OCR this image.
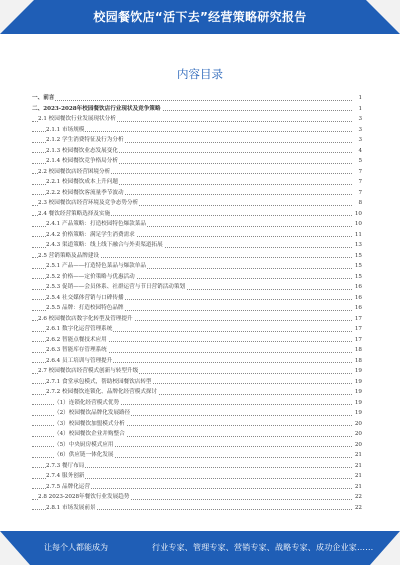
校园餐饮店“活下去”经营策略研究报告
内容目录
一、前言	1
二、2023-2028年校园餐饮店行业现状及竞争策略	1
2.1 校园餐饮行业发展现状分析	3
2.1.1 市场规模	3
2.1.2 学生消费特征及行为分析	3
2.1.3 校园餐饮业态发展变化	4
2.1.4 校园餐饮竞争格局分析	5
2.2 校园餐饮店经营困境分析	7
2.2.1 校园餐饮成本上升问题	7
2.2.2 校园餐饮客流量季节波动	7
2.3 校园餐饮店经营环境及竞争态势分析	8
2.4 餐饮经营策略选择及实施	10
2.4.1 产品策略：打造校园特色爆款菜品	10
2.4.2 价格策略：满足学生消费需求	11
2.4.3 渠道策略：线上线下融合与外卖渠道拓展	13
2.5 营销策略及品牌建设	15
2.5.1 产品——打造特色菜品与爆款单品	15
2.5.2 价格——定价策略与优惠活动	15
2.5.3 促销——会员体系、社群运营与节日营销活动策划	16
2.5.4 社交媒体营销与口碑传播	16
2.5.5 品牌：打造校园特色品牌	16
2.6 校园餐饮店数字化转型及管理提升	17
2.6.1 数字化运营管理系统	17
2.6.2 智能点餐技术应用	17
2.6.3 智能库存管理系统	18
2.6.4 员工培训与管理提升	18
2.7 校园餐饮店经营模式创新与转型升级	19
2.7.1 食堂承包模式，帮助校园餐饮店转型	19
2.7.2 校园餐饮连锁化、品牌化经营模式探讨	19
（1）连锁化经营模式优势	19
（2）校园餐饮品牌化发展路径	19
（3）校园餐饮加盟模式分析	20
（4）校园餐饮企业并购整合	20
（5）中央厨房模式应用	20
（6）供应链一体化发展	21
2.7.3 餐厅布局	21
2.7.4 服务创新	21
2.7.5 品牌化运营	21
2.8 2023-2028年餐饮行业发展趋势	22
2.8.1 市场发展前景	22
让每个人都能成为	行业专家、管理专家、营销专家、战略专家、成功企业家……
